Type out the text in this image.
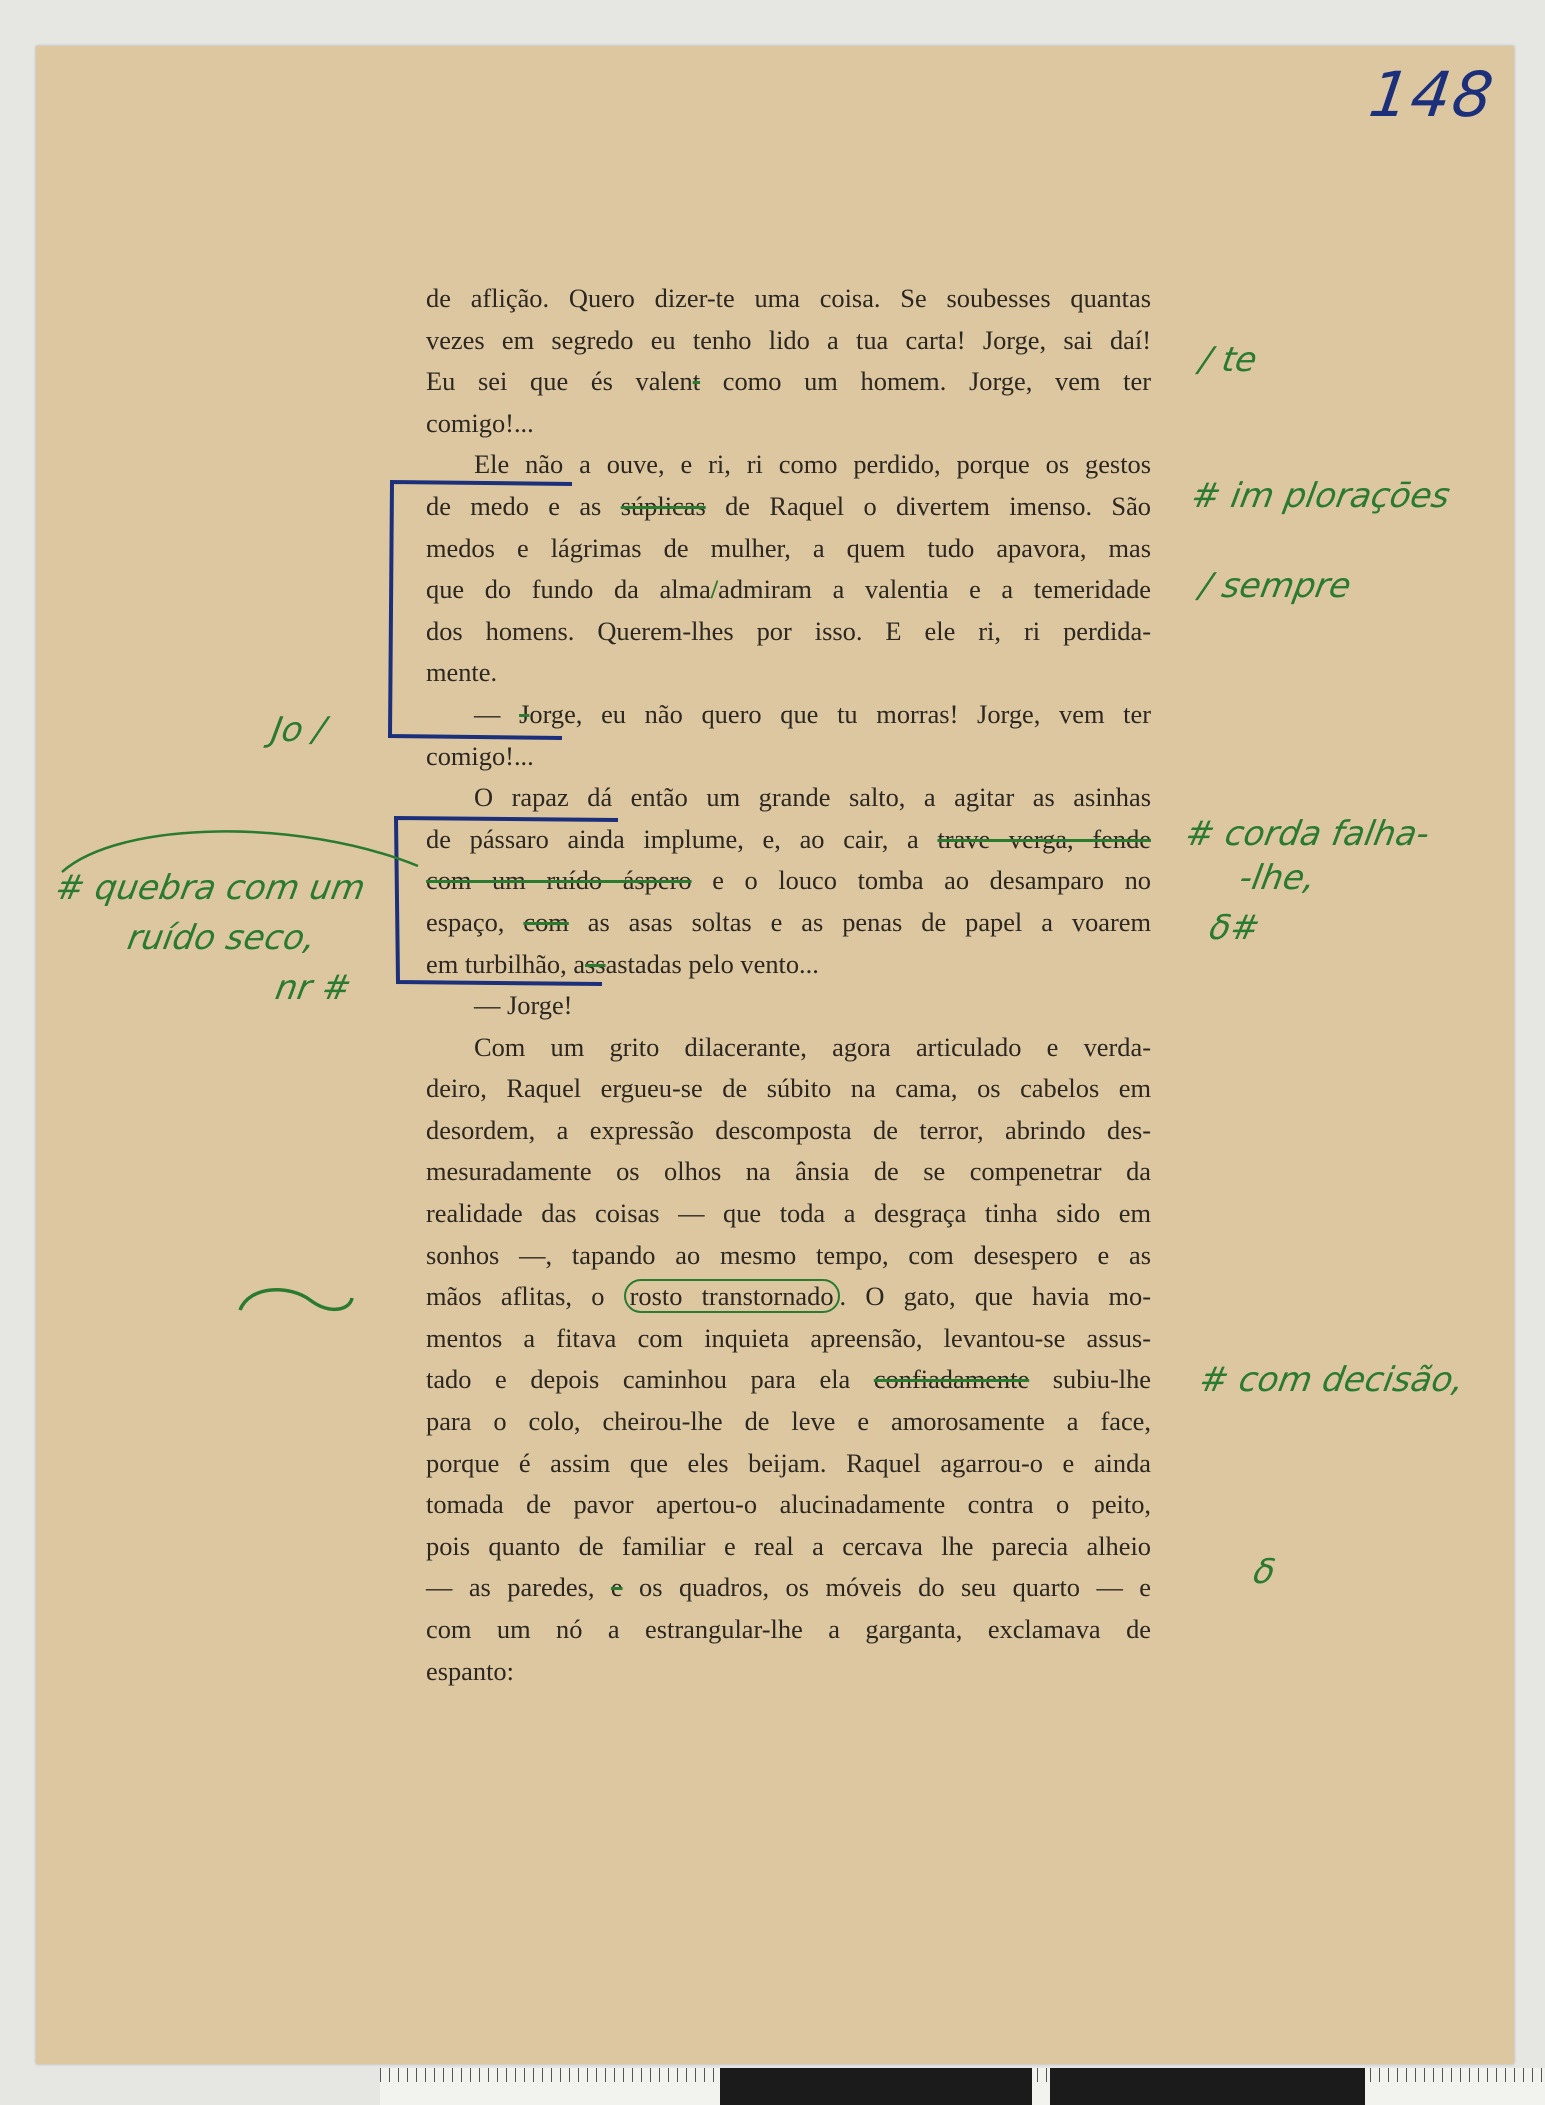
148
de aflição. Quero dizer-te uma coisa. Se soubesses quantas
vezes em segredo eu tenho lido a tua carta! Jorge, sai daí!
Eu sei que és valent como um homem. Jorge, vem ter
comigo!...
Ele não a ouve, e ri, ri como perdido, porque os gestos
de medo e as súplicas de Raquel o divertem imenso. São
medos e lágrimas de mulher, a quem tudo apavora, mas
que do fundo da alma/admiram a valentia e a temeridade
dos homens. Querem-lhes por isso. E ele ri, ri perdida-
mente.
— Jorge, eu não quero que tu morras! Jorge, vem ter
comigo!...
O rapaz dá então um grande salto, a agitar as asinhas
de pássaro ainda implume, e, ao cair, a trave verga, fende
com um ruído áspero e o louco tomba ao desamparo no
espaço, com as asas soltas e as penas de papel a voarem
em turbilhão, assastadas pelo vento...
— Jorge!
Com um grito dilacerante, agora articulado e verda-
deiro, Raquel ergueu-se de súbito na cama, os cabelos em
desordem, a expressão descomposta de terror, abrindo des-
mesuradamente os olhos na ânsia de se compenetrar da
realidade das coisas — que toda a desgraça tinha sido em
sonhos —, tapando ao mesmo tempo, com desespero e as
mãos aflitas, o rosto transtornado . O gato, que havia mo-
mentos a fitava com inquieta apreensão, levantou-se assus-
tado e depois caminhou para ela confiadamente subiu-lhe
para o colo, cheirou-lhe de leve e amorosamente a face,
porque é assim que eles beijam. Raquel agarrou-o e ainda
tomada de pavor apertou-o alucinadamente contra o peito,
pois quanto de familiar e real a cercava lhe parecia alheio
— as paredes, e os quadros, os móveis do seu quarto — e
com um nó a estrangular-lhe a garganta, exclamava de
espanto:
/ te
# im ploraçōes
/ sempre
# corda falha-
-lhe,
δ#
# com decisão,
δ
Jo /
# quebra com um
ruído seco,
nr #
